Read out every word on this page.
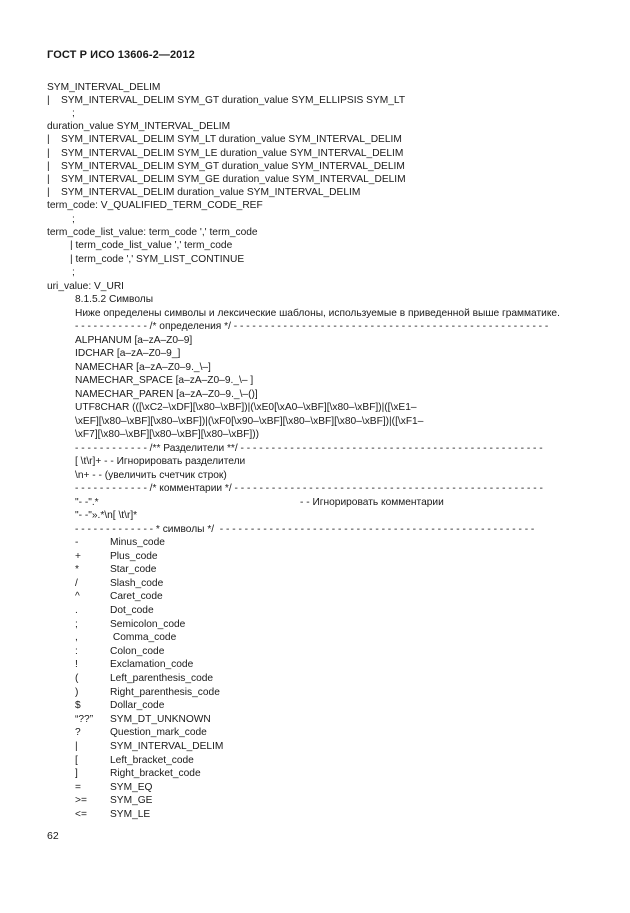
ГОСТ Р ИСО 13606-2—2012
SYM_INTERVAL_DELIM
|    SYM_INTERVAL_DELIM SYM_GT duration_value SYM_ELLIPSIS SYM_LT
;
duration_value SYM_INTERVAL_DELIM
|    SYM_INTERVAL_DELIM SYM_LT duration_value SYM_INTERVAL_DELIM
|    SYM_INTERVAL_DELIM SYM_LE duration_value SYM_INTERVAL_DELIM
|    SYM_INTERVAL_DELIM SYM_GT duration_value SYM_INTERVAL_DELIM
|    SYM_INTERVAL_DELIM SYM_GE duration_value SYM_INTERVAL_DELIM
|    SYM_INTERVAL_DELIM duration_value SYM_INTERVAL_DELIM
term_code: V_QUALIFIED_TERM_CODE_REF
;
term_code_list_value: term_code ',' term_code
| term_code_list_value ',' term_code
| term_code ',' SYM_LIST_CONTINUE
;
uri_value: V_URI
8.1.5.2 Символы
Ниже определены символы и лексические шаблоны, используемые в приведенной выше грамматике.
- - - - - - - - - - - - /* определения */ - - - - - - - - - - - - - - - - - - - - - - - - - - - - - - - - - - - - - - - - - - - - - - - - - - -
ALPHANUM [a–zA–Z0–9]
IDCHAR [a–zA–Z0–9_]
NAMECHAR [a–zA–Z0–9._\–]
NAMECHAR_SPACE [a–zA–Z0–9._\– ]
NAMECHAR_PAREN [a–zA–Z0–9._\–()]
UTF8CHAR (([\xC2–\xDF][\x80–\xBF])|(\xE0[\xA0–\xBF][\x80–\xBF])|([\xE1–
\xEF][\x80–\xBF][\x80–\xBF])|(\xF0[\x90–\xBF][\x80–\xBF][\x80–\xBF])|([\xF1–
\xF7][\x80–\xBF][\x80–\xBF][\x80–\xBF]))
- - - - - - - - - - - - /** Разделители **/ - - - - - - - - - - - - - - - - - - - - - - - - - - - - - - - - - - - - - - - - - - - - - - - - -
[ \t\r]+ - - Игнорировать разделители
\n+ - - (увеличить счетчик строк)
- - - - - - - - - - - - /* комментарии */ - - - - - - - - - - - - - - - - - - - - - - - - - - - - - - - - - - - - - - - - - - - - - - - - - -
"- -".*	- - Игнорировать комментарии
"- -"».*\n[ \t\r]*
- - - - - - - - - - - - - * символы */  - - - - - - - - - - - - - - - - - - - - - - - - - - - - - - - - - - - - - - - - - - - - - - - - - - -
-	Minus_code
+	Plus_code
*	Star_code
/	Slash_code
^	Caret_code
.	Dot_code
;	Semicolon_code
,	Comma_code
:	Colon_code
!	Exclamation_code
(	Left_parenthesis_code
)	Right_parenthesis_code
$	Dollar_code
“??” SYM_DT_UNKNOWN
?	Question_mark_code
|	SYM_INTERVAL_DELIM
[	Left_bracket_code
]	Right_bracket_code
=	SYM_EQ
>= SYM_GE
<= SYM_LE
62
